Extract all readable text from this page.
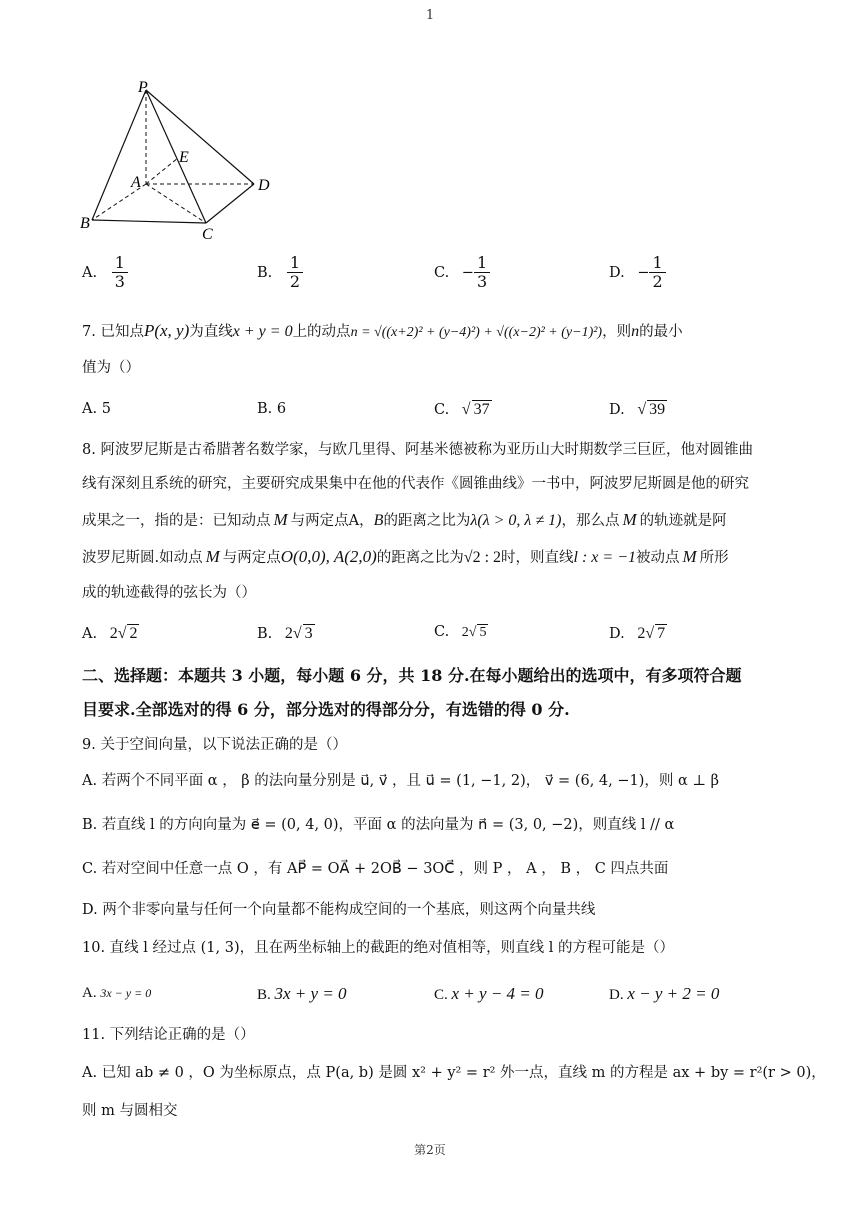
1
P
E
A	D
B
C
A. $\frac{1}{3}$	B. $\frac{1}{2}$	C. − $\frac{1}{3}$	D. − $\frac{1}{2}$
7. 已知点P(x, y)为直线x + y = 0上的动点n = √((x+2)² + (y−4)²) + √((x−2)² + (y−1)²)，则n的最小
值为（）
A. 5	B. 6	C. √ 37	D. √ 39
8. 阿波罗尼斯是古希腊著名数学家，与欧几里得、阿基米德被称为亚历山大时期数学三巨匠，他对圆锥曲
线有深刻且系统的研究，主要研究成果集中在他的代表作《圆锥曲线》一书中，阿波罗尼斯圆是他的研究
成果之一，指的是：已知动点 M 与两定点A，B的距离之比为λ(λ > 0, λ ≠ 1)，那么点 M 的轨迹就是阿
波罗尼斯圆.如动点 M 与两定点O(0,0), A(2,0)的距离之比为√2 : 2时，则直线l : x = −1被动点 M 所形
成的轨迹截得的弦长为（）
A. 2√ 2	B. 2√ 3	C. 2√ 5	D. 2√ 7
二、选择题：本题共 3 小题，每小题 6 分，共 18 分.在每小题给出的选项中，有多项符合题
目要求.全部选对的得 6 分，部分选对的得部分分，有选错的得 0 分.
9. 关于空间向量，以下说法正确的是（）
A. 若两个不同平面 α ， β 的法向量分别是 u⃗, v⃗ ，且 u⃗ = (1, −1, 2)， v⃗ = (6, 4, −1)，则 α ⊥ β
B. 若直线 l 的方向向量为 e⃗ = (0, 4, 0)，平面 α 的法向量为 n⃗ = (3, 0, −2)，则直线 l // α
C. 若对空间中任意一点 O ，有 AP⃗ = OA⃗ + 2OB⃗ − 3OC⃗ ，则 P ， A ， B ， C 四点共面
D. 两个非零向量与任何一个向量都不能构成空间的一个基底，则这两个向量共线
10. 直线 l 经过点 (1, 3)，且在两坐标轴上的截距的绝对值相等，则直线 l 的方程可能是（）
A. 3x − y = 0	B. 3x + y = 0	C. x + y − 4 = 0	D. x − y + 2 = 0
11. 下列结论正确的是（）
A. 已知 ab ≠ 0 ，O 为坐标原点，点 P(a, b) 是圆 x² + y² = r² 外一点，直线 m 的方程是 ax + by = r²(r > 0)，
则 m 与圆相交
第2页
